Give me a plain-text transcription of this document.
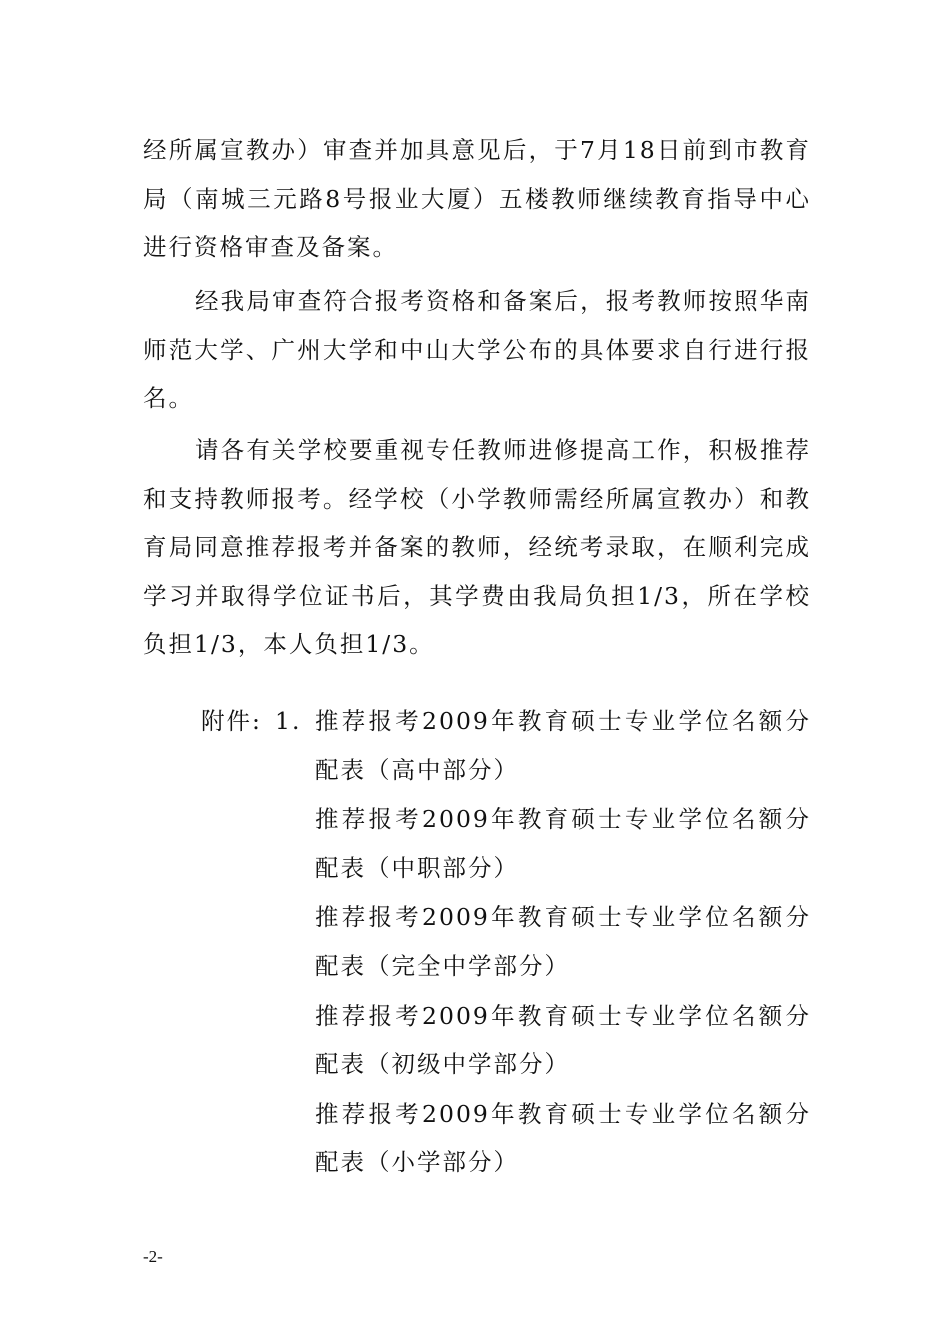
经所属宣教办）审查并加具意见后，于7月18日前到市教育局（南城三元路8号报业大厦）五楼教师继续教育指导中心进行资格审查及备案。

经我局审查符合报考资格和备案后，报考教师按照华南师范大学、广州大学和中山大学公布的具体要求自行进行报名。

请各有关学校要重视专任教师进修提高工作，积极推荐和支持教师报考。经学校（小学教师需经所属宣教办）和教育局同意推荐报考并备案的教师，经统考录取，在顺利完成学习并取得学位证书后，其学费由我局负担1/3，所在学校负担1/3，本人负担1/3。

附件: 1. 推荐报考2009年教育硕士专业学位名额分配表（高中部分）
推荐报考2009年教育硕士专业学位名额分配表（中职部分）
推荐报考2009年教育硕士专业学位名额分配表（完全中学部分）
推荐报考2009年教育硕士专业学位名额分配表（初级中学部分）
推荐报考2009年教育硕士专业学位名额分配表（小学部分）
-2-
